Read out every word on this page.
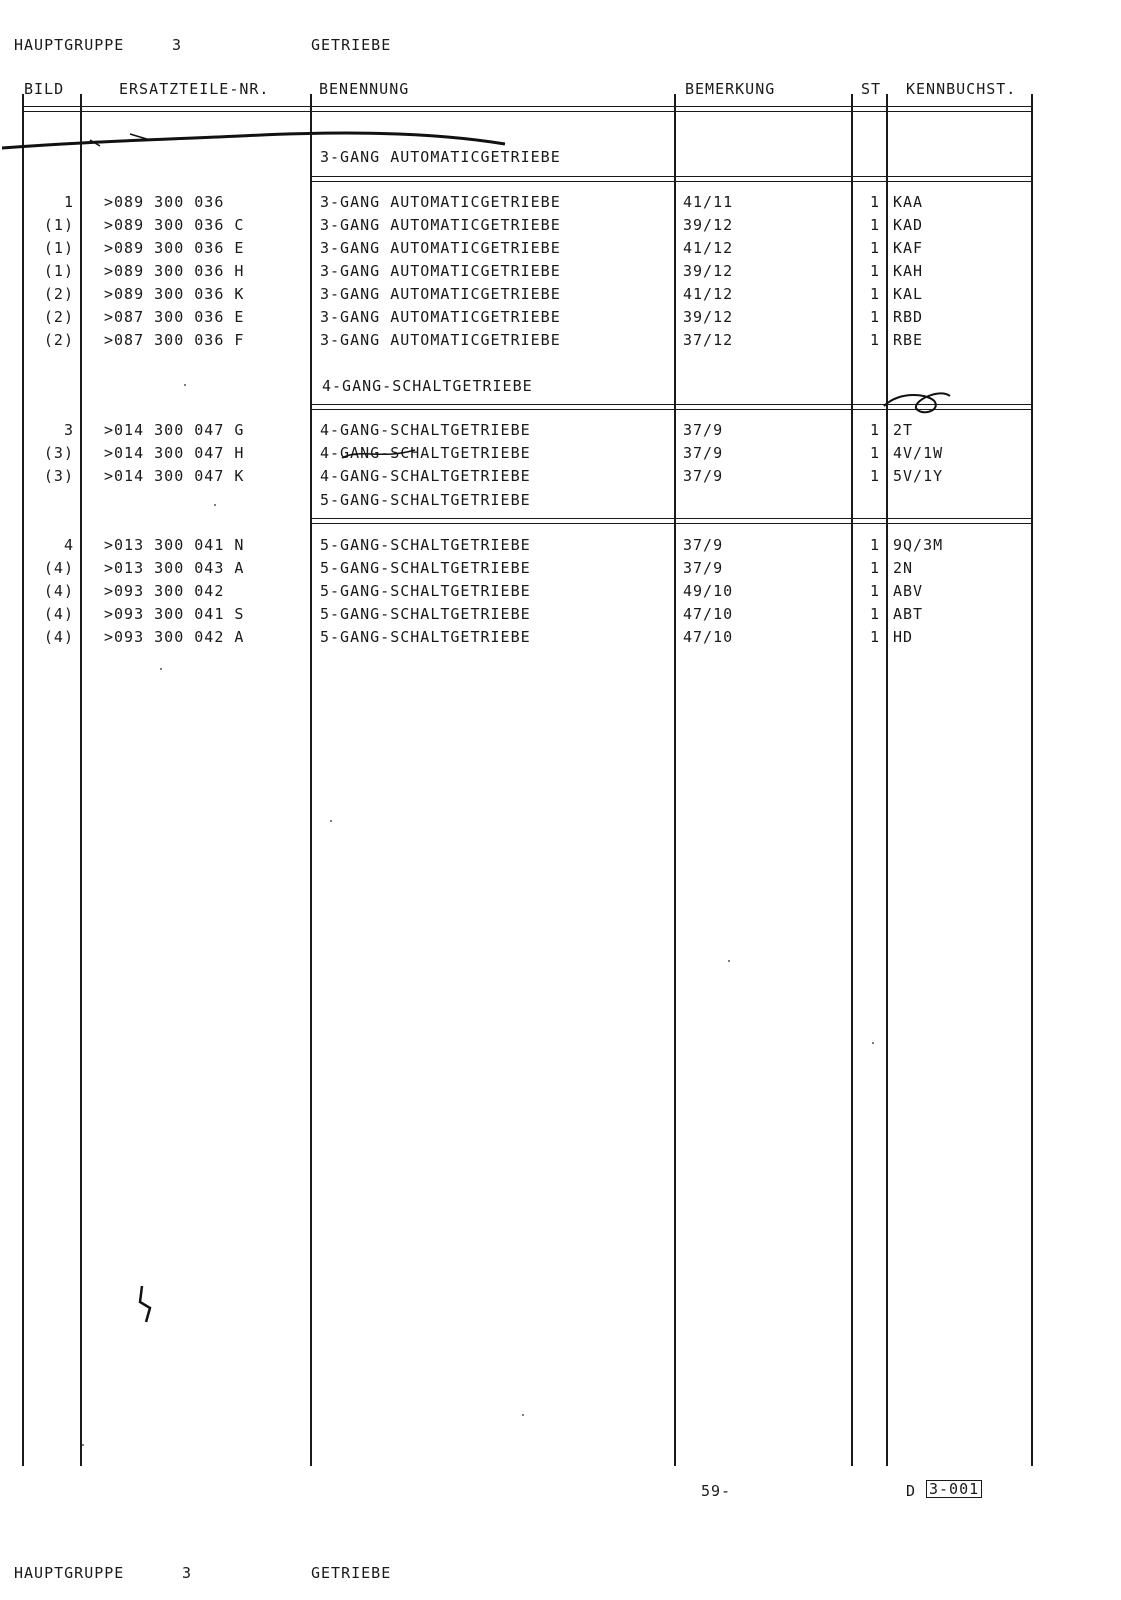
HAUPTGRUPPE	3	GETRIEBE
BILD	ERSATZTEILE-NR.	BENENNUNG	BEMERKUNG	ST KENNBUCHST.
3-GANG AUTOMATICGETRIEBE
4-GANG-SCHALTGETRIEBE
5-GANG-SCHALTGETRIEBE
1 >089 300 036	3-GANG AUTOMATICGETRIEBE	41/11	1 KAA
(1) >089 300 036 C	3-GANG AUTOMATICGETRIEBE	39/12	1 KAD
(1) >089 300 036 E	3-GANG AUTOMATICGETRIEBE	41/12	1 KAF
(1) >089 300 036 H	3-GANG AUTOMATICGETRIEBE	39/12	1 KAH
(2) >089 300 036 K	3-GANG AUTOMATICGETRIEBE	41/12	1 KAL
(2) >087 300 036 E	3-GANG AUTOMATICGETRIEBE	39/12	1 RBD
(2) >087 300 036 F	3-GANG AUTOMATICGETRIEBE	37/12	1 RBE
3 >014 300 047 G	4-GANG-SCHALTGETRIEBE	37/9	1 2T
(3) >014 300 047 H	4-GANG-SCHALTGETRIEBE	37/9	1 4V/1W
(3) >014 300 047 K	4-GANG-SCHALTGETRIEBE	37/9	1 5V/1Y
4 >013 300 041 N	5-GANG-SCHALTGETRIEBE	37/9	1 9Q/3M
(4) >013 300 043 A	5-GANG-SCHALTGETRIEBE	37/9	1 2N
(4) >093 300 042	5-GANG-SCHALTGETRIEBE	49/10	1 ABV
(4) >093 300 041 S	5-GANG-SCHALTGETRIEBE	47/10	1 ABT
(4) >093 300 042 A	5-GANG-SCHALTGETRIEBE	47/10	1 HD
59-	D 3-001
HAUPTGRUPPE	3	GETRIEBE
